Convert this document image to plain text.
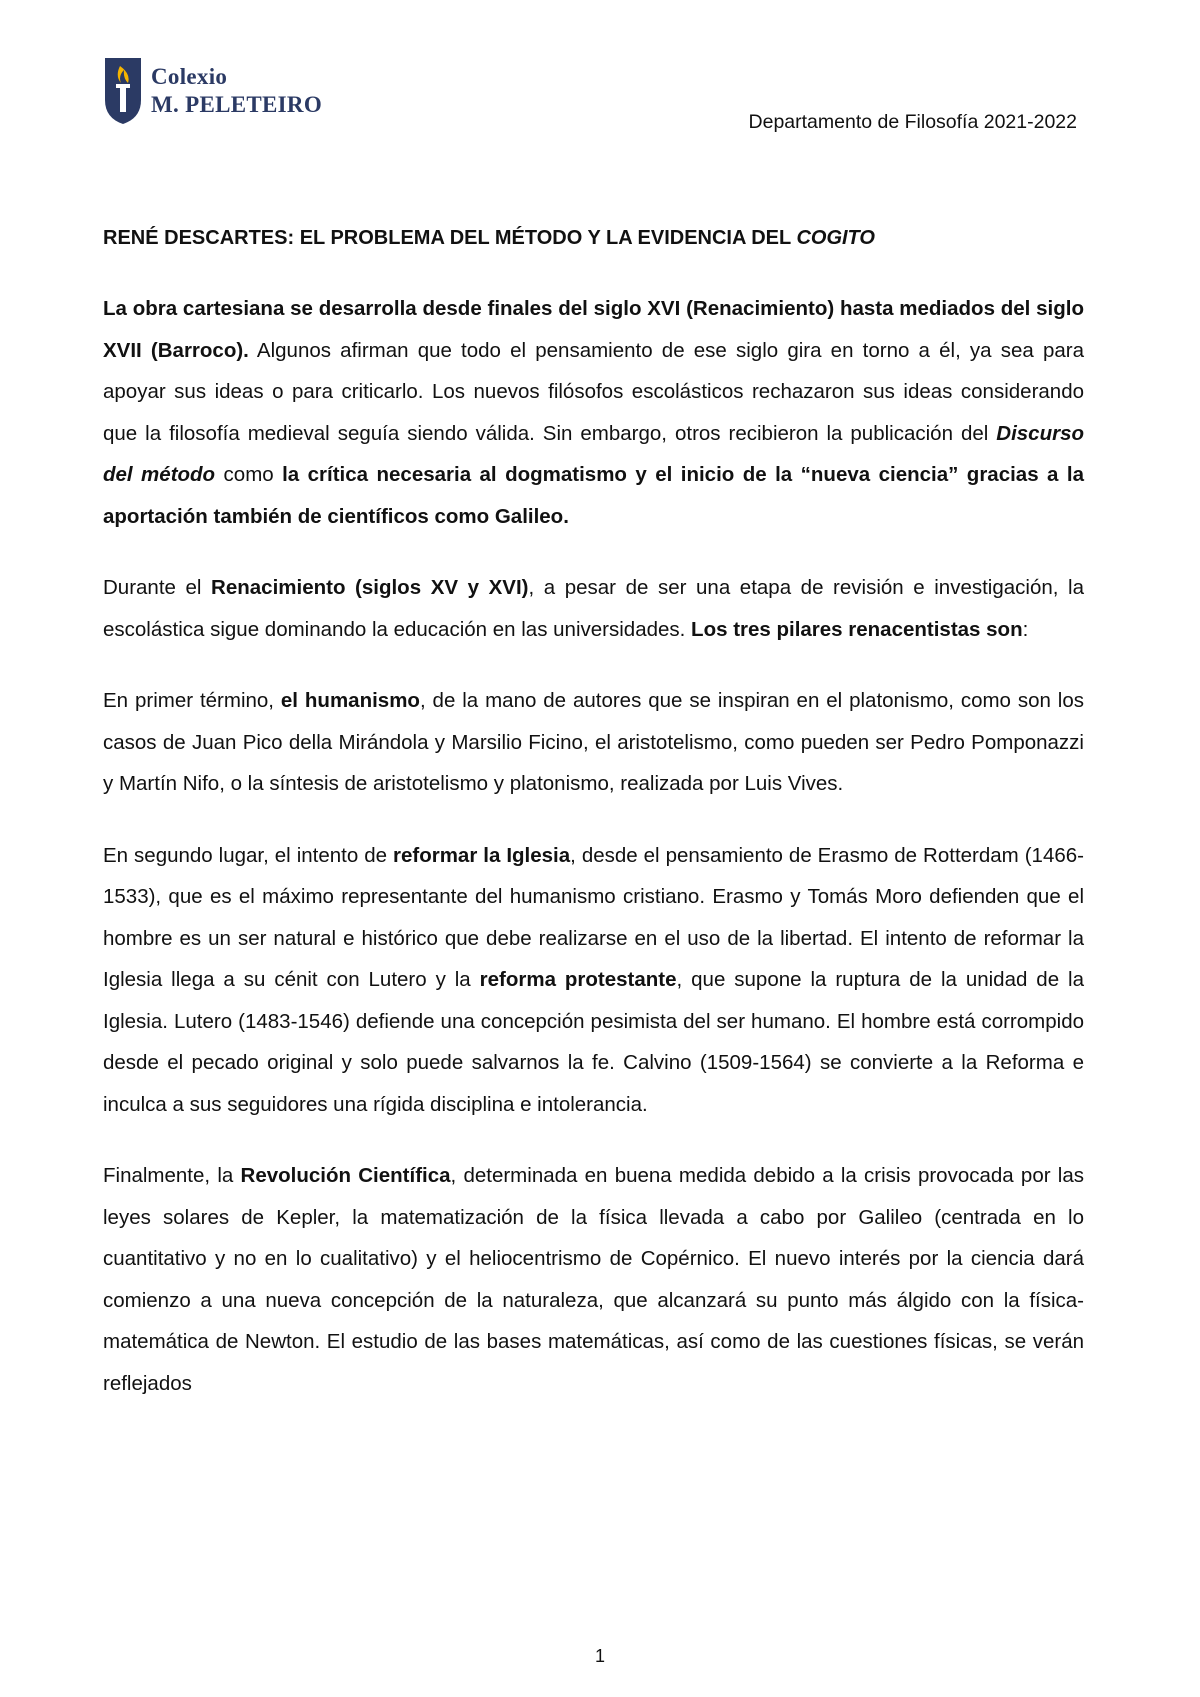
Colexio
M. PELETEIRO
Departamento de Filosofía 2021-2022
RENÉ DESCARTES: EL PROBLEMA DEL MÉTODO Y LA EVIDENCIA DEL COGITO

La obra cartesiana se desarrolla desde finales del siglo XVI (Renacimiento) hasta mediados del siglo XVII (Barroco). Algunos afirman que todo el pensamiento de ese siglo gira en torno a él, ya sea para apoyar sus ideas o para criticarlo. Los nuevos filósofos escolásticos rechazaron sus ideas considerando que la filosofía medieval seguía siendo válida. Sin embargo, otros recibieron la publicación del Discurso del método como la crítica necesaria al dogmatismo y el inicio de la “nueva ciencia” gracias a la aportación también de científicos como Galileo.

Durante el Renacimiento (siglos XV y XVI), a pesar de ser una etapa de revisión e investigación, la escolástica sigue dominando la educación en las universidades. Los tres pilares renacentistas son:

En primer término, el humanismo, de la mano de autores que se inspiran en el platonismo, como son los casos de Juan Pico della Mirándola y Marsilio Ficino, el aristotelismo, como pueden ser Pedro Pomponazzi y Martín Nifo, o la síntesis de aristotelismo y platonismo, realizada por Luis Vives.

En segundo lugar, el intento de reformar la Iglesia, desde el pensamiento de Erasmo de Rotterdam (1466- 1533), que es el máximo representante del humanismo cristiano. Erasmo y Tomás Moro defienden que el hombre es un ser natural e histórico que debe realizarse en el uso de la libertad. El intento de reformar la Iglesia llega a su cénit con Lutero y la reforma protestante, que supone la ruptura de la unidad de la Iglesia. Lutero (1483-1546) defiende una concepción pesimista del ser humano. El hombre está corrompido desde el pecado original y solo puede salvarnos la fe. Calvino (1509-1564) se convierte a la Reforma e inculca a sus seguidores una rígida disciplina e intolerancia.

Finalmente, la Revolución Científica, determinada en buena medida debido a la crisis provocada por las leyes solares de Kepler, la matematización de la física llevada a cabo por Galileo (centrada en lo cuantitativo y no en lo cualitativo) y el heliocentrismo de Copérnico. El nuevo interés por la ciencia dará comienzo a una nueva concepción de la naturaleza, que alcanzará su punto más álgido con la física-matemática de Newton. El estudio de las bases matemáticas, así como de las cuestiones físicas, se verán reflejados

1
